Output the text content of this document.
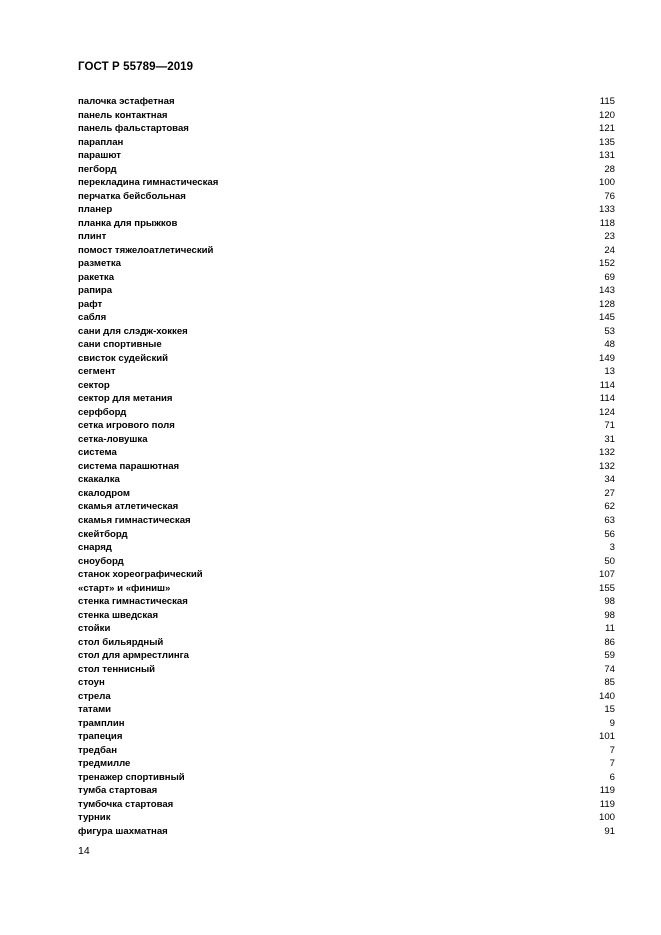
ГОСТ Р 55789—2019
палочка эстафетная	115
панель контактная	120
панель фальстартовая	121
параплан	135
парашют	131
пегборд	28
перекладина гимнастическая	100
перчатка бейсбольная	76
планер	133
планка для прыжков	118
плинт	23
помост тяжелоатлетический	24
разметка	152
ракетка	69
рапира	143
рафт	128
сабля	145
сани для слэдж-хоккея	53
сани спортивные	48
свисток судейский	149
сегмент	13
сектор	114
сектор для метания	114
серфборд	124
сетка игрового поля	71
сетка-ловушка	31
система	132
система парашютная	132
скакалка	34
скалодром	27
скамья атлетическая	62
скамья гимнастическая	63
скейтборд	56
снаряд	3
сноуборд	50
станок хореографический	107
«старт» и «финиш»	155
стенка гимнастическая	98
стенка шведская	98
стойки	11
стол бильярдный	86
стол для армрестлинга	59
стол теннисный	74
стоун	85
стрела	140
татами	15
трамплин	9
трапеция	101
тредбан	7
тредмилле	7
тренажер спортивный	6
тумба стартовая	119
тумбочка стартовая	119
турник	100
фигура шахматная	91
14
